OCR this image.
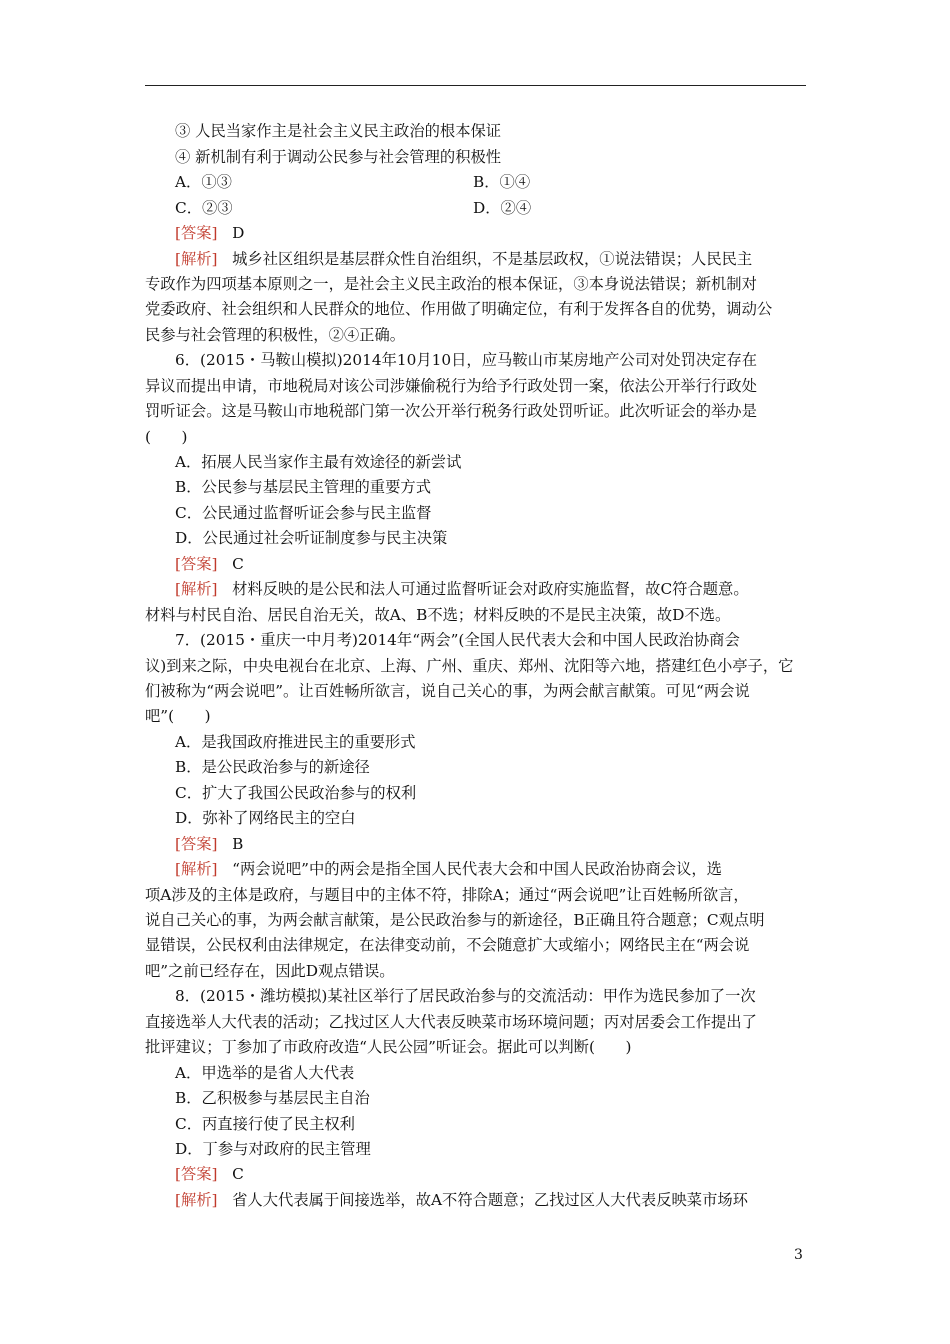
③ 人民当家作主是社会主义民主政治的根本保证
④ 新机制有利于调动公民参与社会管理的积极性
A．①③	B．①④
C．②③	D．②④
[答案] D
[解析] 城乡社区组织是基层群众性自治组织，不是基层政权，①说法错误；人民民主
专政作为四项基本原则之一，是社会主义民主政治的根本保证，③本身说法错误；新机制对
党委政府、社会组织和人民群众的地位、作用做了明确定位，有利于发挥各自的优势，调动公
民参与社会管理的积极性，②④正确。
6．(2015・马鞍山模拟)2014年10月10日，应马鞍山市某房地产公司对处罚决定存在
异议而提出申请，市地税局对该公司涉嫌偷税行为给予行政处罚一案，依法公开举行行政处
罚听证会。这是马鞍山市地税部门第一次公开举行税务行政处罚听证。此次听证会的举办是
(　　)
A．拓展人民当家作主最有效途径的新尝试
B．公民参与基层民主管理的重要方式
C．公民通过监督听证会参与民主监督
D．公民通过社会听证制度参与民主决策
[答案] C
[解析] 材料反映的是公民和法人可通过监督听证会对政府实施监督，故C符合题意。
材料与村民自治、居民自治无关，故A、B不选；材料反映的不是民主决策，故D不选。
7．(2015・重庆一中月考)2014年“两会”(全国人民代表大会和中国人民政治协商会
议)到来之际，中央电视台在北京、上海、广州、重庆、郑州、沈阳等六地，搭建红色小亭子，它
们被称为“两会说吧”。让百姓畅所欲言，说自己关心的事，为两会献言献策。可见“两会说
吧”(　　)
A．是我国政府推进民主的重要形式
B．是公民政治参与的新途径
C．扩大了我国公民政治参与的权利
D．弥补了网络民主的空白
[答案] B
[解析] “两会说吧”中的两会是指全国人民代表大会和中国人民政治协商会议，选
项A涉及的主体是政府，与题目中的主体不符，排除A；通过“两会说吧”让百姓畅所欲言，
说自己关心的事，为两会献言献策，是公民政治参与的新途径，B正确且符合题意；C观点明
显错误，公民权利由法律规定，在法律变动前，不会随意扩大或缩小；网络民主在“两会说
吧”之前已经存在，因此D观点错误。
8．(2015・潍坊模拟)某社区举行了居民政治参与的交流活动：甲作为选民参加了一次
直接选举人大代表的活动；乙找过区人大代表反映菜市场环境问题；丙对居委会工作提出了
批评建议；丁参加了市政府改造“人民公园”听证会。据此可以判断(　　)
A．甲选举的是省人大代表
B．乙积极参与基层民主自治
C．丙直接行使了民主权利
D．丁参与对政府的民主管理
[答案] C
[解析] 省人大代表属于间接选举，故A不符合题意；乙找过区人大代表反映菜市场环
3
